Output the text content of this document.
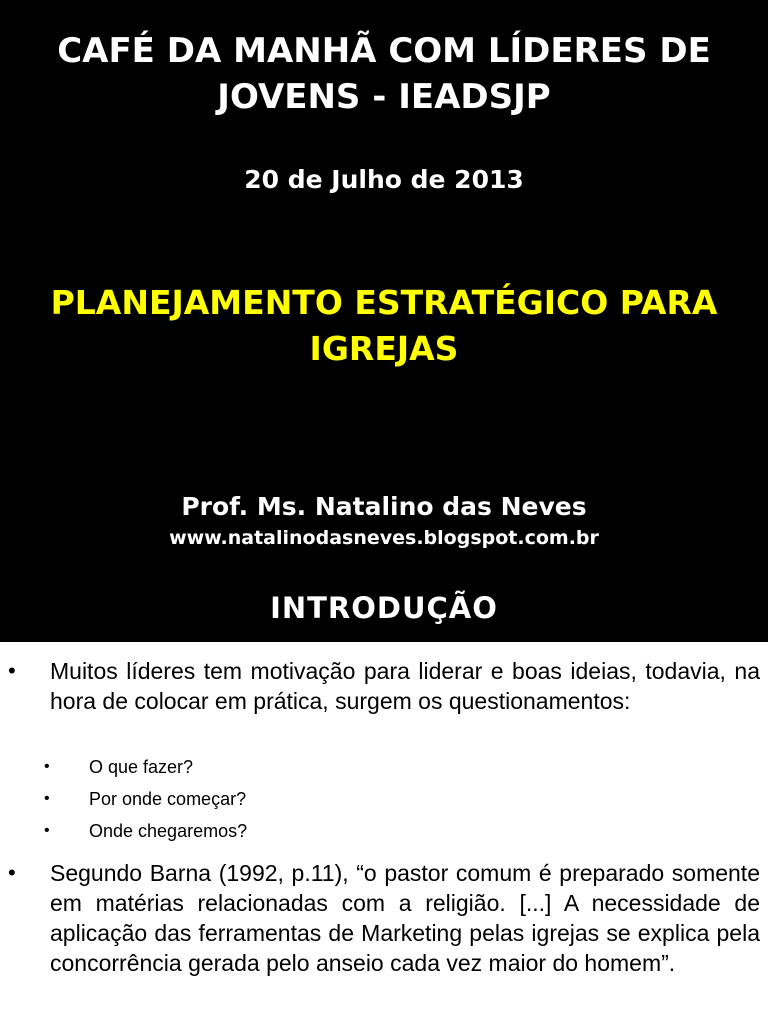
CAFÉ DA MANHÃ COM LÍDERES DE JOVENS - IEADSJP
20 de Julho de 2013
PLANEJAMENTO ESTRATÉGICO PARA IGREJAS
Prof. Ms. Natalino das Neves
www.natalinodasneves.blogspot.com.br
INTRODUÇÃO
• Muitos líderes tem motivação para liderar e boas ideias, todavia, na hora de colocar em prática, surgem os questionamentos:

• O que fazer?
• Por onde começar?
• Onde chegaremos?
• Segundo Barna (1992, p.11), “o pastor comum é preparado somente em matérias relacionadas com a religião. [...] A necessidade de aplicação das ferramentas de Marketing pelas igrejas se explica pela concorrência gerada pelo anseio cada vez maior do homem”.
